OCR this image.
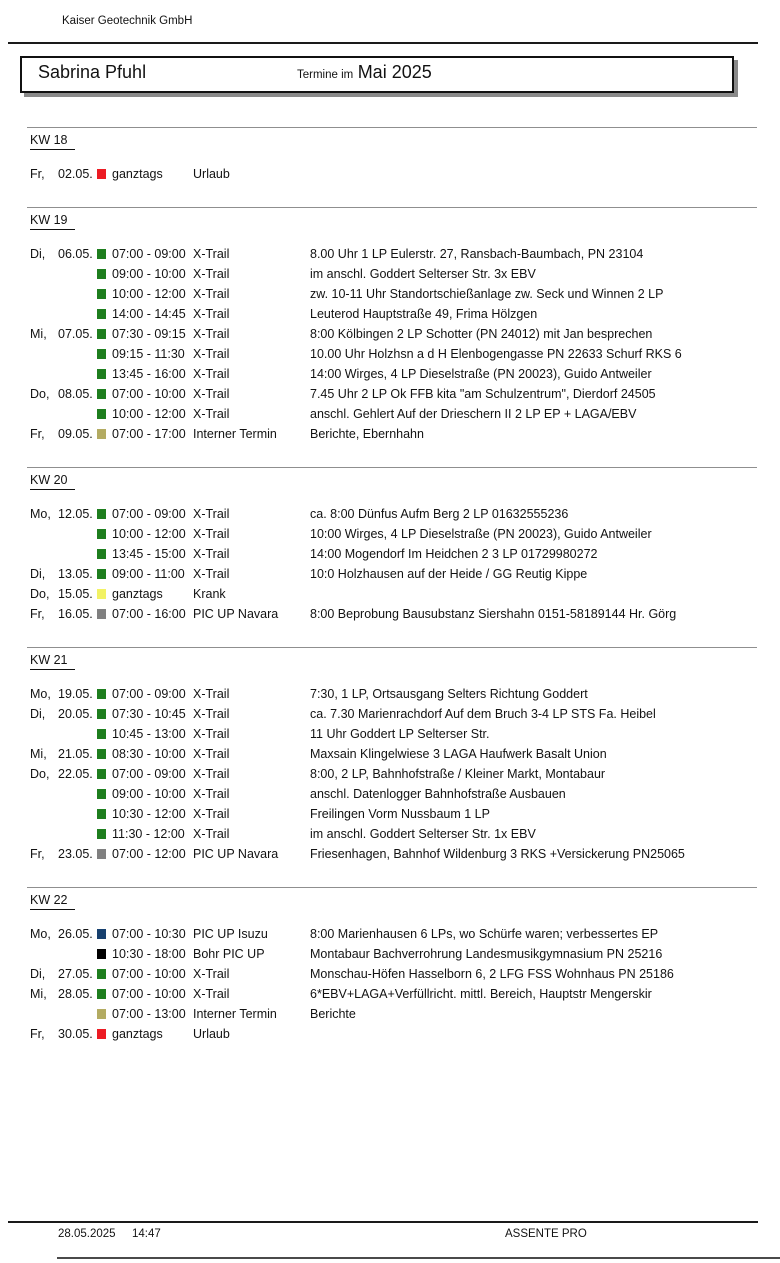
Kaiser Geotechnik GmbH
Sabrina Pfuhl	Termine im Mai 2025
KW 18
Fr,	02.05.	ganztags	Urlaub
KW 19
Di,	06.05.	07:00 - 09:00 X-Trail	8.00 Uhr 1 LP Eulerstr. 27, Ransbach-Baumbach, PN 23104
09:00 - 10:00 X-Trail	im anschl. Goddert Selterser Str. 3x EBV
10:00 - 12:00 X-Trail	zw. 10-11 Uhr Standortschießanlage zw. Seck und Winnen 2 LP
14:00 - 14:45 X-Trail	Leuterod Hauptstraße 49, Frima Hölzgen
Mi, 07.05.	07:30 - 09:15 X-Trail	8:00 Kölbingen 2 LP Schotter (PN 24012) mit Jan besprechen
09:15 - 11:30 X-Trail	10.00 Uhr Holzhsn a d H Elenbogengasse PN 22633 Schurf RKS 6
13:45 - 16:00 X-Trail	14:00 Wirges, 4 LP Dieselstraße (PN 20023), Guido Antweiler
Do, 08.05.	07:00 - 10:00 X-Trail	7.45 Uhr 2 LP Ok FFB kita "am Schulzentrum", Dierdorf 24505
10:00 - 12:00 X-Trail	anschl. Gehlert Auf der Drieschern II 2 LP EP + LAGA/EBV
Fr,	09.05.	07:00 - 17:00 Interner Termin	Berichte, Ebernhahn
KW 20
Mo, 12.05.	07:00 - 09:00 X-Trail	ca. 8:00 Dünfus Aufm Berg 2 LP 01632555236
10:00 - 12:00 X-Trail	10:00 Wirges, 4 LP Dieselstraße (PN 20023), Guido Antweiler
13:45 - 15:00 X-Trail	14:00 Mogendorf Im Heidchen 2 3 LP 01729980272
Di,	13.05.	09:00 - 11:00 X-Trail	10:0 Holzhausen auf der Heide / GG Reutig Kippe
Do, 15.05.	ganztags	Krank
Fr,	16.05.	07:00 - 16:00 PIC UP Navara	8:00 Beprobung Bausubstanz Siershahn 0151-58189144 Hr. Görg
KW 21
Mo, 19.05.	07:00 - 09:00 X-Trail	7:30, 1 LP, Ortsausgang Selters Richtung Goddert
Di,	20.05.	07:30 - 10:45 X-Trail	ca. 7.30 Marienrachdorf Auf dem Bruch 3-4 LP STS Fa. Heibel
10:45 - 13:00 X-Trail	11 Uhr Goddert LP Selterser Str.
Mi, 21.05.	08:30 - 10:00 X-Trail	Maxsain Klingelwiese 3 LAGA Haufwerk Basalt Union
Do, 22.05.	07:00 - 09:00 X-Trail	8:00, 2 LP, Bahnhofstraße / Kleiner Markt, Montabaur
09:00 - 10:00 X-Trail	anschl. Datenlogger Bahnhofstraße Ausbauen
10:30 - 12:00 X-Trail	Freilingen Vorm Nussbaum 1 LP
11:30 - 12:00 X-Trail	im anschl. Goddert Selterser Str. 1x EBV
Fr,	23.05.	07:00 - 12:00 PIC UP Navara	Friesenhagen, Bahnhof Wildenburg 3 RKS +Versickerung PN25065
KW 22
Mo, 26.05.	07:00 - 10:30 PIC UP Isuzu	8:00 Marienhausen 6 LPs, wo Schürfe waren; verbessertes EP
10:30 - 18:00 Bohr PIC UP	Montabaur Bachverrohrung Landesmusikgymnasium PN 25216
Di,	27.05.	07:00 - 10:00 X-Trail	Monschau-Höfen Hasselborn 6, 2 LFG FSS Wohnhaus PN 25186
Mi, 28.05.	07:00 - 10:00 X-Trail	6*EBV+LAGA+Verfüllricht. mittl. Bereich, Hauptstr Mengerskir
07:00 - 13:00 Interner Termin	Berichte
Fr,	30.05.	ganztags	Urlaub
28.05.2025 14:47	ASSENTE PRO
